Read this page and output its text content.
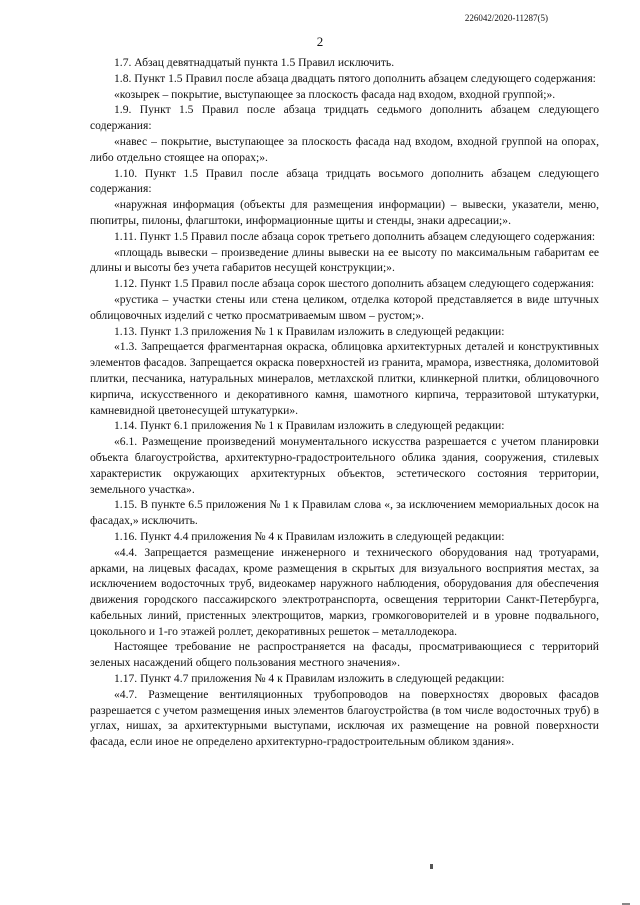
226042/2020-11287(5)
2

1.7. Абзац девятнадцатый пункта 1.5 Правил исключить.

1.8. Пункт 1.5 Правил после абзаца двадцать пятого дополнить абзацем следующего содержания:

«козырек – покрытие, выступающее за плоскость фасада над входом, входной группой;».

1.9. Пункт 1.5 Правил после абзаца тридцать седьмого дополнить абзацем следующего содержания:

«навес – покрытие, выступающее за плоскость фасада над входом, входной группой на опорах, либо отдельно стоящее на опорах;».

1.10. Пункт 1.5 Правил после абзаца тридцать восьмого дополнить абзацем следующего содержания:

«наружная информация (объекты для размещения информации) – вывески, указатели, меню, пюпитры, пилоны, флагштоки, информационные щиты и стенды, знаки адресации;».

1.11. Пункт 1.5 Правил после абзаца сорок третьего дополнить абзацем следующего содержания:

«площадь вывески – произведение длины вывески на ее высоту по максимальным габаритам ее длины и высоты без учета габаритов несущей конструкции;».

1.12. Пункт 1.5 Правил после абзаца сорок шестого дополнить абзацем следующего содержания:

«рустика – участки стены или стена целиком, отделка которой представляется в виде штучных облицовочных изделий с четко просматриваемым швом – рустом;».

1.13. Пункт 1.3 приложения № 1 к Правилам изложить в следующей редакции:

«1.3. Запрещается фрагментарная окраска, облицовка архитектурных деталей и конструктивных элементов фасадов. Запрещается окраска поверхностей из гранита, мрамора, известняка, доломитовой плитки, песчаника, натуральных минералов, метлахской плитки, клинкерной плитки, облицовочного кирпича, искусственного и декоративного камня, шамотного кирпича, терразитовой штукатурки, камневидной цветонесущей штукатурки».

1.14. Пункт 6.1 приложения № 1 к Правилам изложить в следующей редакции:

«6.1. Размещение произведений монументального искусства разрешается с учетом планировки объекта благоустройства, архитектурно-градостроительного облика здания, сооружения, стилевых характеристик окружающих архитектурных объектов, эстетического состояния территории, земельного участка».

1.15. В пункте 6.5 приложения № 1 к Правилам слова «, за исключением мемориальных досок на фасадах,» исключить.

1.16. Пункт 4.4 приложения № 4 к Правилам изложить в следующей редакции:

«4.4. Запрещается размещение инженерного и технического оборудования над тротуарами, арками, на лицевых фасадах, кроме размещения в скрытых для визуального восприятия местах, за исключением водосточных труб, видеокамер наружного наблюдения, оборудования для обеспечения движения городского пассажирского электротранспорта, освещения территории Санкт-Петербурга, кабельных линий, пристенных электрощитов, маркиз, громкоговорителей и в уровне подвального, цокольного и 1-го этажей роллет, декоративных решеток – металлодекора.

Настоящее требование не распространяется на фасады, просматривающиеся с территорий зеленых насаждений общего пользования местного значения».

1.17. Пункт 4.7 приложения № 4 к Правилам изложить в следующей редакции:

«4.7. Размещение вентиляционных трубопроводов на поверхностях дворовых фасадов разрешается с учетом размещения иных элементов благоустройства (в том числе водосточных труб) в углах, нишах, за архитектурными выступами, исключая их размещение на ровной поверхности фасада, если иное не определено архитектурно-градостроительным обликом здания».
